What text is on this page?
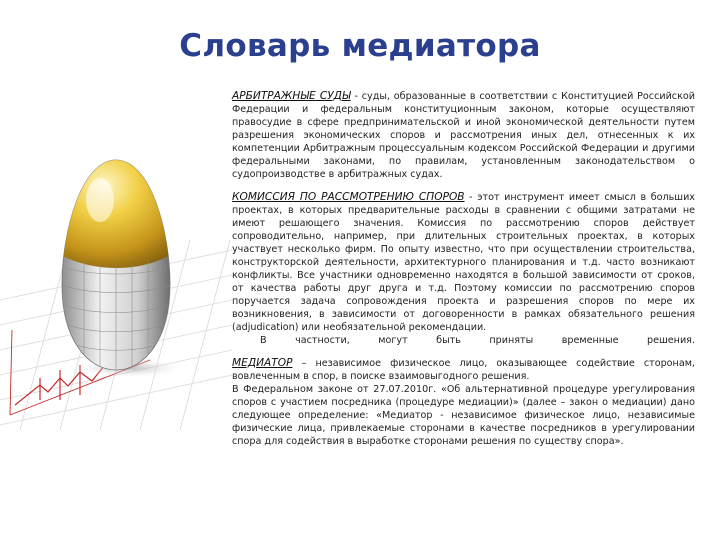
Словарь медиатора

АРБИТРАЖНЫЕ СУДЫ - суды, образованные в соответствии с Конституцией Российской Федерации и федеральным конституционным законом, которые осуществляют правосудие в сфере предпринимательской и иной экономической деятельности путем разрешения экономических споров и рассмотрения иных дел, отнесенных к их компетенции Арбитражным процессуальным кодексом Российской Федерации и другими федеральными законами, по правилам, установленным законодательством о судопроизводстве в арбитражных судах.

КОМИССИЯ ПО РАССМОТРЕНИЮ СПОРОВ - этот инструмент имеет смысл в больших проектах, в которых предварительные расходы в сравнении с общими затратами не имеют решающего значения. Комиссия по рассмотрению споров действует сопроводительно, например, при длительных строительных проектах, в которых участвует несколько фирм. По опыту известно, что при осуществлении строительства, конструкторской деятельности, архитектурного планирования и т.д. часто возникают конфликты. Все участники одновременно находятся в большой зависимости от сроков, от качества работы друг друга и т.д. Поэтому комиссии по рассмотрению споров поручается задача сопровождения проекта и разрешения споров по мере их возникновения, в зависимости от договоренности в рамках обязательного решения (adjudication) или необязательной рекомендации.
В частности, могут быть приняты временные решения.

МЕДИАТОР – независимое физическое лицо, оказывающее содействие сторонам, вовлеченным в спор, в поиске взаимовыгодного решения.
В Федеральном законе от 27.07.2010г. «Об альтернативной процедуре урегулирования споров с участием посредника (процедуре медиации)» (далее – закон о медиации) дано следующее определение: «Медиатор - независимое физическое лицо, независимые физические лица, привлекаемые сторонами в качестве посредников в урегулировании спора для содействия в выработке сторонами решения по существу спора».
